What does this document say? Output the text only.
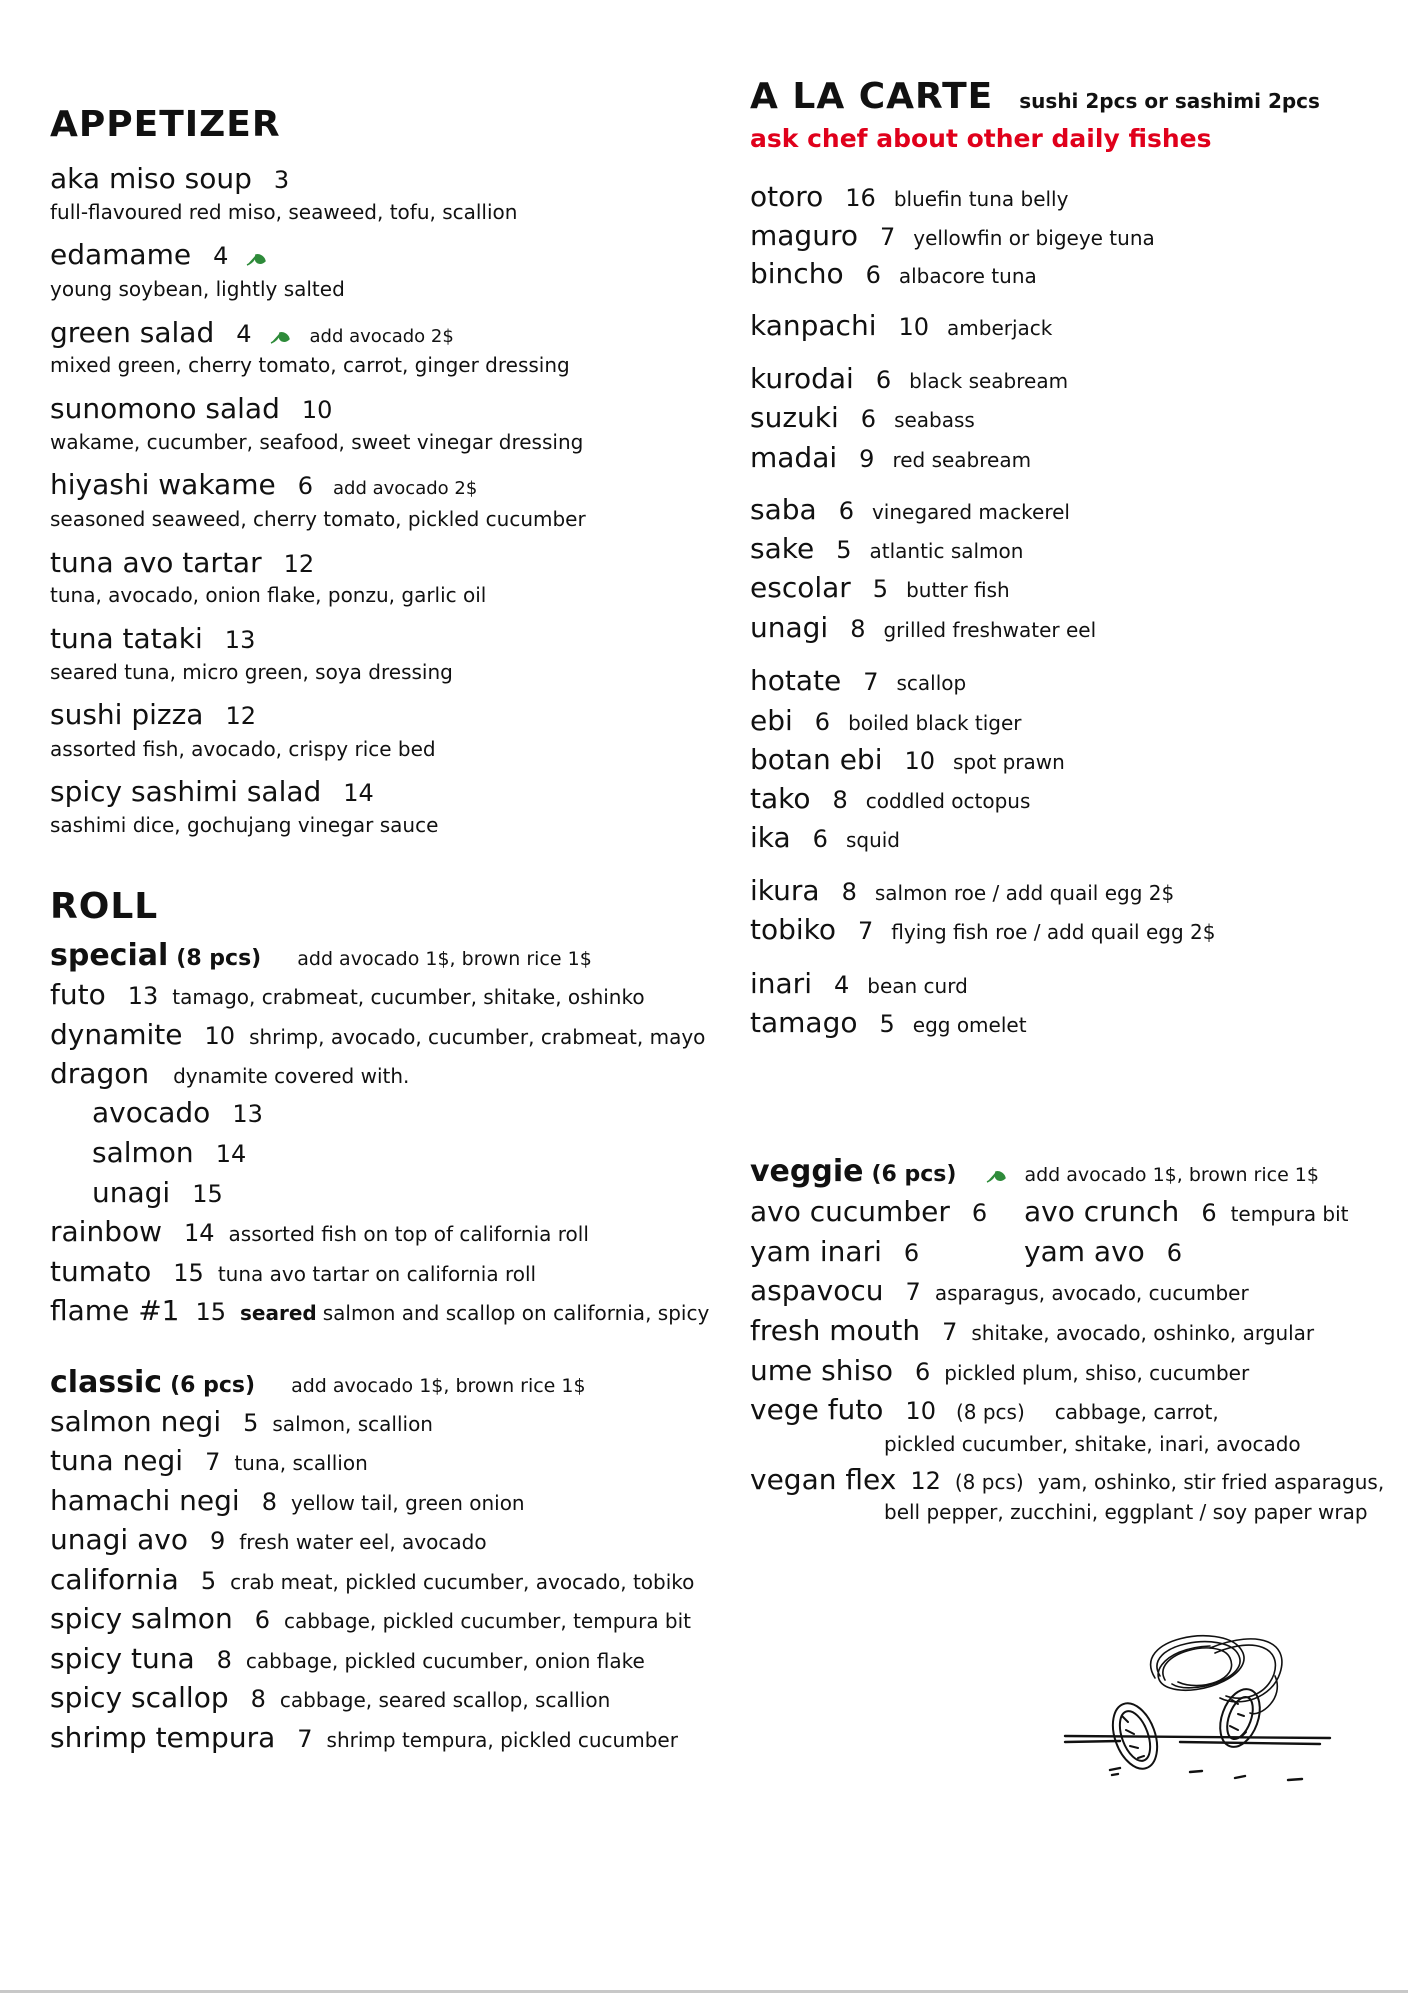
APPETIZER
aka miso soup 3
full-flavoured red miso, seaweed, tofu, scallion
edamame 4
young soybean, lightly salted
green salad 4	add avocado 2$
mixed green, cherry tomato, carrot, ginger dressing
sunomono salad 10
wakame, cucumber, seafood, sweet vinegar dressing
hiyashi wakame 6 add avocado 2$
seasoned seaweed, cherry tomato, pickled cucumber
tuna avo tartar 12
tuna, avocado, onion flake, ponzu, garlic oil
tuna tataki 13
seared tuna, micro green, soya dressing
sushi pizza 12
assorted fish, avocado, crispy rice bed
spicy sashimi salad 14
sashimi dice, gochujang vinegar sauce
ROLL
special (8 pcs) add avocado 1$, brown rice 1$
futo 13 tamago, crabmeat, cucumber, shitake, oshinko
dynamite 10 shrimp, avocado, cucumber, crabmeat, mayo
dragon dynamite covered with.
avocado 13
salmon 14
unagi 15
rainbow 14 assorted fish on top of california roll
tumato 15 tuna avo tartar on california roll
flame #1 15 seared salmon and scallop on california, spicy
classic (6 pcs) add avocado 1$, brown rice 1$
salmon negi 5 salmon, scallion
tuna negi 7 tuna, scallion
hamachi negi 8 yellow tail, green onion
unagi avo 9 fresh water eel, avocado
california 5 crab meat, pickled cucumber, avocado, tobiko
spicy salmon 6 cabbage, pickled cucumber, tempura bit
spicy tuna 8 cabbage, pickled cucumber, onion flake
spicy scallop 8 cabbage, seared scallop, scallion
shrimp tempura 7 shrimp tempura, pickled cucumber
A LA CARTE sushi 2pcs or sashimi 2pcs
ask chef about other daily fishes
otoro 16 bluefin tuna belly
maguro 7 yellowfin or bigeye tuna
bincho 6 albacore tuna
kanpachi 10 amberjack
kurodai 6 black seabream
suzuki 6 seabass
madai 9 red seabream
saba 6 vinegared mackerel
sake 5 atlantic salmon
escolar 5 butter fish
unagi 8 grilled freshwater eel
hotate 7 scallop
ebi 6 boiled black tiger
botan ebi 10 spot prawn
tako 8 coddled octopus
ika 6 squid
ikura 8 salmon roe / add quail egg 2$
tobiko 7 flying fish roe / add quail egg 2$
inari 4 bean curd
tamago 5 egg omelet
veggie (6 pcs)	add avocado 1$, brown rice 1$
avo cucumber 6 avo crunch 6 tempura bit
yam inari 6	yam avo 6
aspavocu 7 asparagus, avocado, cucumber
fresh mouth 7 shitake, avocado, oshinko, argular
ume shiso 6 pickled plum, shiso, cucumber
vege futo 10 (8 pcs) cabbage, carrot,
pickled cucumber, shitake, inari, avocado
vegan flex 12 (8 pcs) yam, oshinko, stir fried asparagus,
bell pepper, zucchini, eggplant / soy paper wrap
